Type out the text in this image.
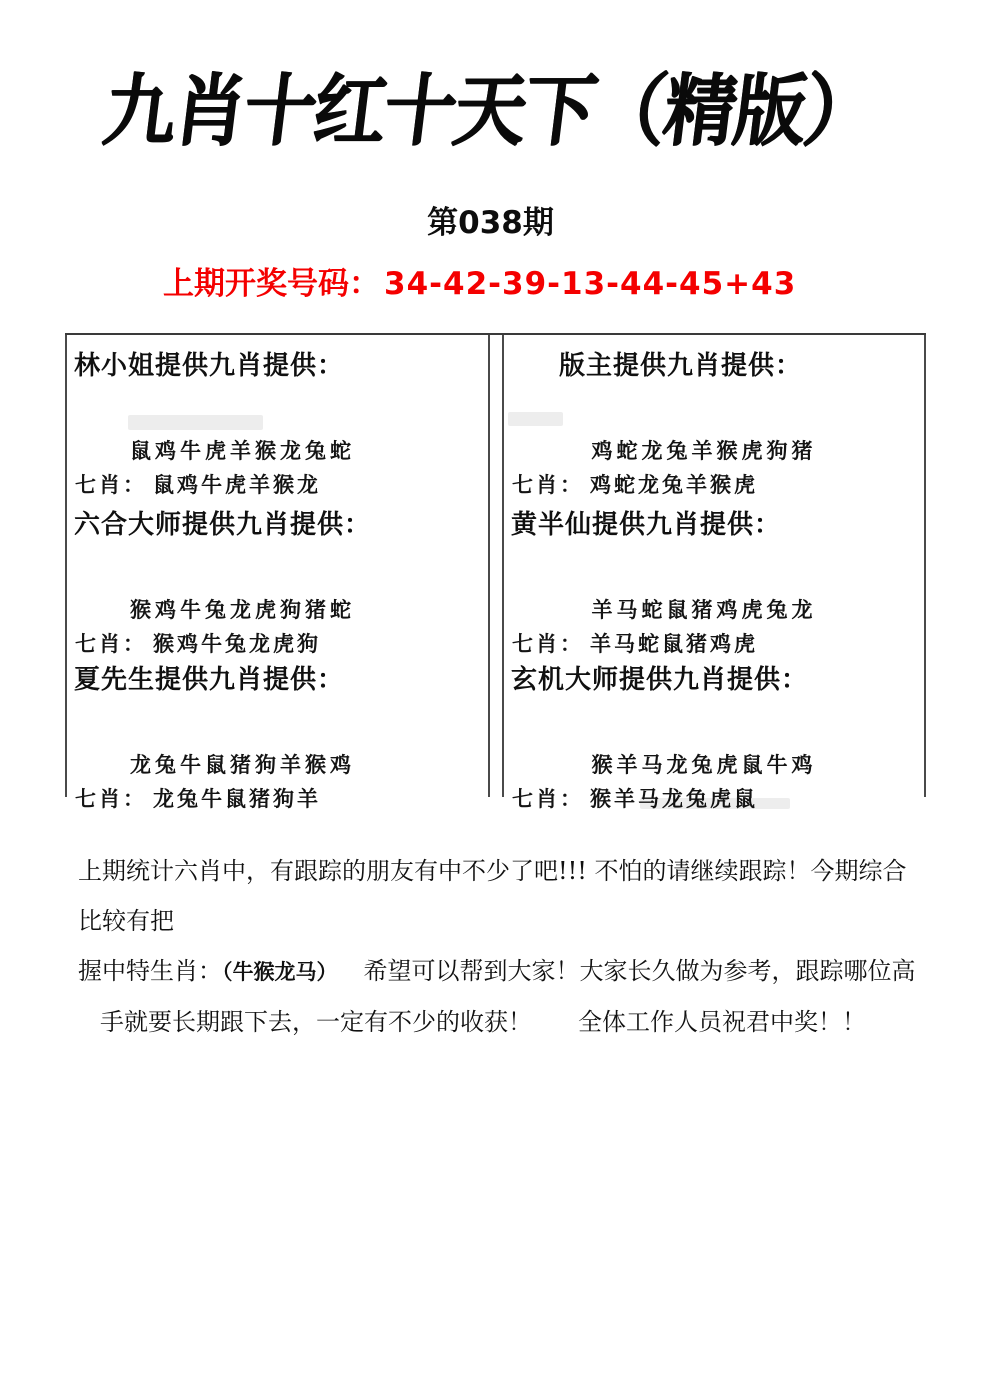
九肖十红十天下（精版）
第038期
上期开奖号码： 34-42-39-13-44-45+43
林小姐提供九肖提供：
鼠鸡牛虎羊猴龙兔蛇
七肖： 鼠鸡牛虎羊猴龙
六合大师提供九肖提供：
猴鸡牛兔龙虎狗猪蛇
七肖： 猴鸡牛兔龙虎狗
夏先生提供九肖提供：
龙兔牛鼠猪狗羊猴鸡
七肖： 龙兔牛鼠猪狗羊
版主提供九肖提供：
鸡蛇龙兔羊猴虎狗猪
七肖： 鸡蛇龙兔羊猴虎
黄半仙提供九肖提供：
羊马蛇鼠猪鸡虎兔龙
七肖： 羊马蛇鼠猪鸡虎
玄机大师提供九肖提供：
猴羊马龙兔虎鼠牛鸡
七肖： 猴羊马龙兔虎鼠
上期统计六肖中，有跟踪的朋友有中不少了吧!!! 不怕的请继续跟踪！今期综合比较有把
握中特生肖：（牛猴龙马） 希望可以帮到大家！大家长久做为参考，跟踪哪位高
手就要长期跟下去，一定有不少的收获！ 全体工作人员祝君中奖！！
